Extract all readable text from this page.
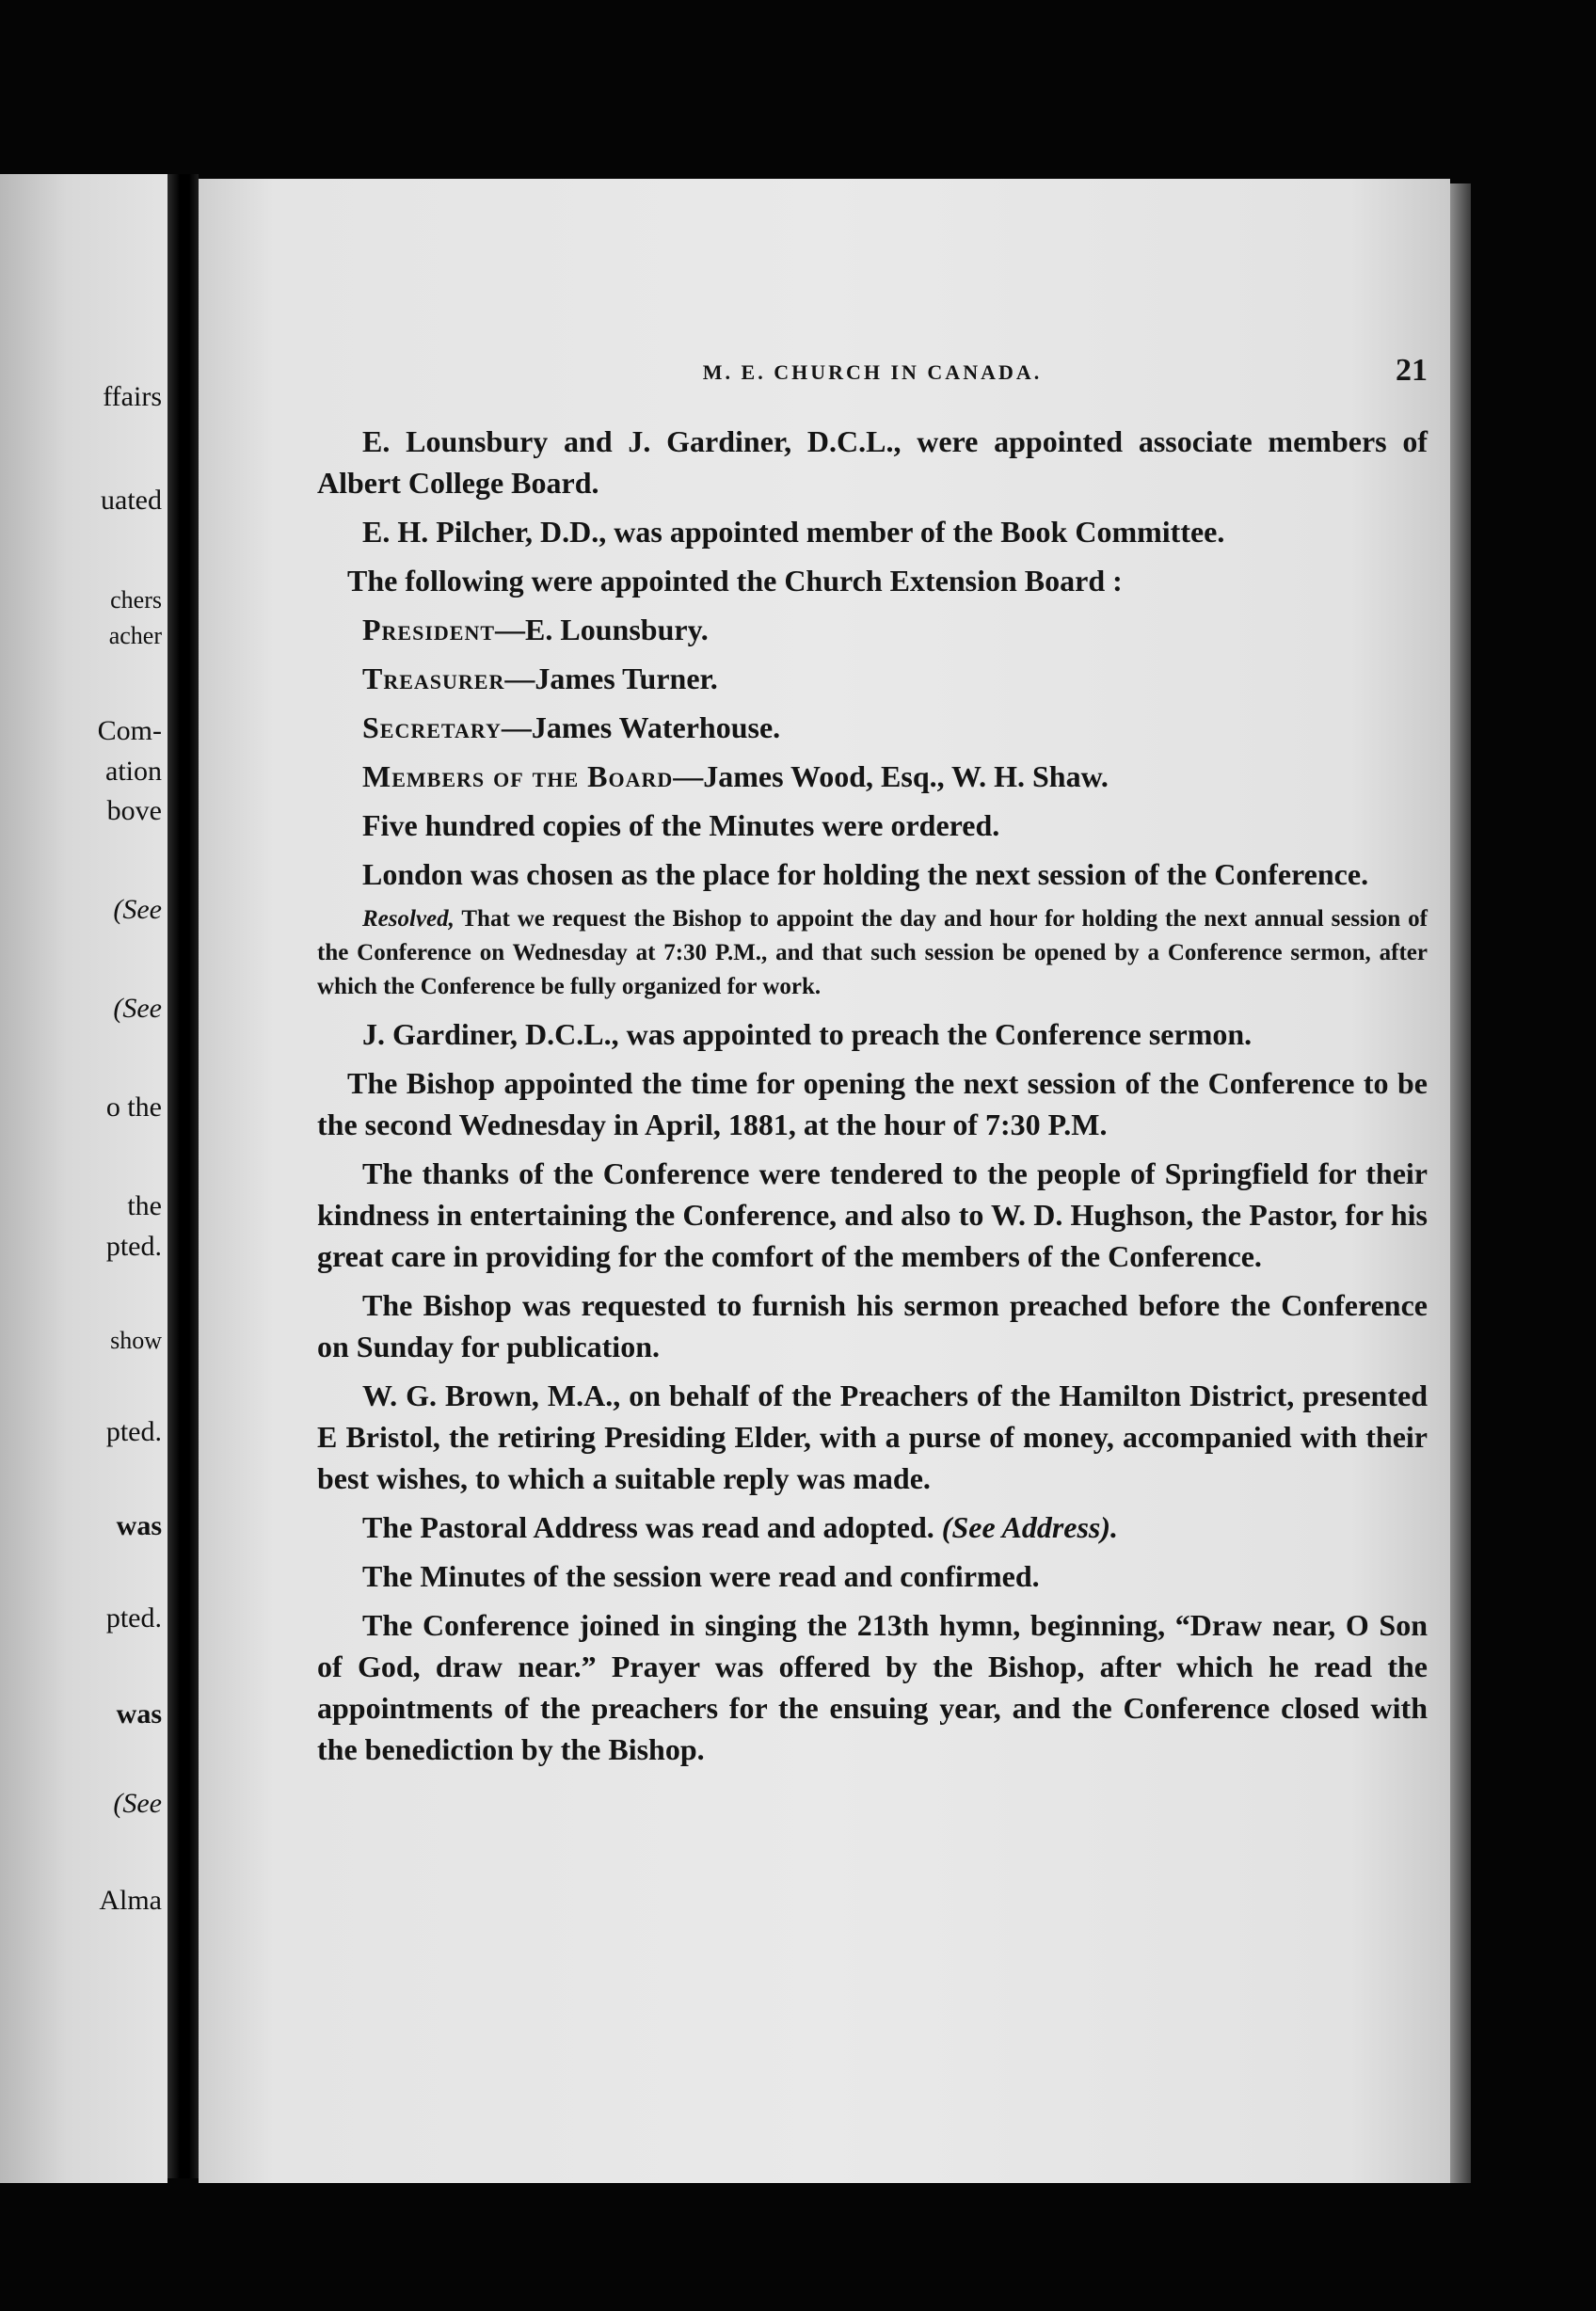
ffairs
uated
chers
acher
Com-
ation
bove
(See
(See
o the
the
pted.
show
pted.
was
pted.
was
(See
Alma
M. E. CHURCH IN CANADA.	21

E. Lounsbury and J. Gardiner, D.C.L., were appointed associate members of Albert College Board.

E. H. Pilcher, D.D., was appointed member of the Book Committee.

The following were appointed the Church Extension Board :

President—E. Lounsbury.
Treasurer—James Turner.
Secretary—James Waterhouse.
Members of the Board—James Wood, Esq., W. H. Shaw.

Five hundred copies of the Minutes were ordered.

London was chosen as the place for holding the next session of the Conference.

Resolved, That we request the Bishop to appoint the day and hour for holding the next annual session of the Conference on Wednesday at 7:30 P.M., and that such session be opened by a Conference sermon, after which the Conference be fully organized for work.

J. Gardiner, D.C.L., was appointed to preach the Conference sermon.

The Bishop appointed the time for opening the next session of the Conference to be the second Wednesday in April, 1881, at the hour of 7:30 P.M.

The thanks of the Conference were tendered to the people of Springfield for their kindness in entertaining the Conference, and also to W. D. Hughson, the Pastor, for his great care in providing for the comfort of the members of the Conference.

The Bishop was requested to furnish his sermon preached before the Conference on Sunday for publication.

W. G. Brown, M.A., on behalf of the Preachers of the Hamilton District, presented E Bristol, the retiring Presiding Elder, with a purse of money, accompanied with their best wishes, to which a suitable reply was made.

The Pastoral Address was read and adopted. (See Address).

The Minutes of the session were read and confirmed.

The Conference joined in singing the 213th hymn, beginning, “Draw near, O Son of God, draw near.” Prayer was offered by the Bishop, after which he read the appointments of the preachers for the ensuing year, and the Conference closed with the benediction by the Bishop.
